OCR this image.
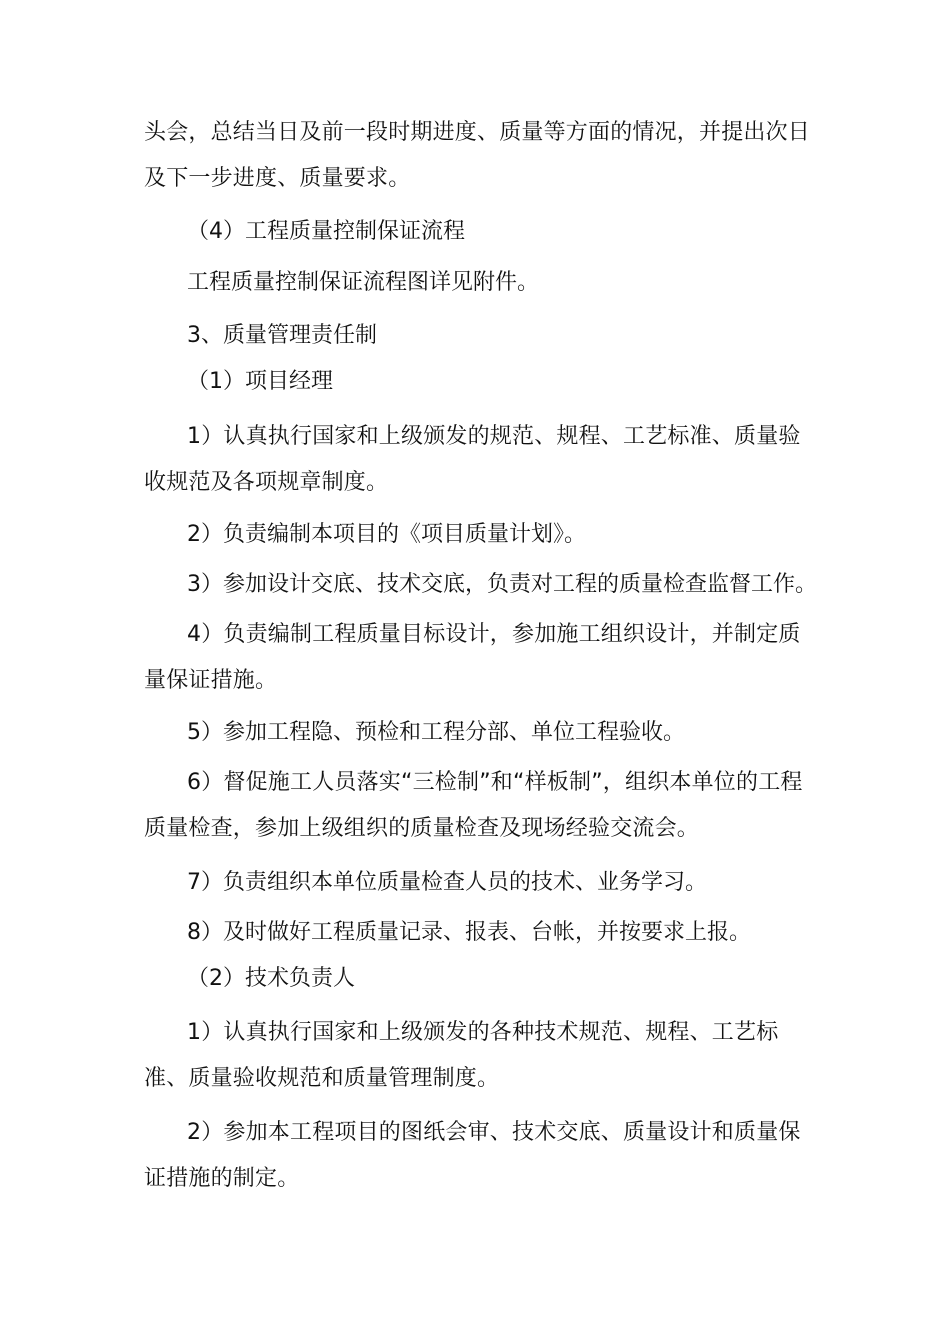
头会，总结当日及前一段时期进度、质量等方面的情况，并提出次日及下一步进度、质量要求。
（4）工程质量控制保证流程
工程质量控制保证流程图详见附件。
3、质量管理责任制
（1）项目经理
1）认真执行国家和上级颁发的规范、规程、工艺标准、质量验收规范及各项规章制度。
2）负责编制本项目的《项目质量计划》。
3）参加设计交底、技术交底，负责对工程的质量检查监督工作。
4）负责编制工程质量目标设计，参加施工组织设计，并制定质量保证措施。
5）参加工程隐、预检和工程分部、单位工程验收。
6）督促施工人员落实“三检制”和“样板制”，组织本单位的工程质量检查，参加上级组织的质量检查及现场经验交流会。
7）负责组织本单位质量检查人员的技术、业务学习。
8）及时做好工程质量记录、报表、台帐，并按要求上报。
（2）技术负责人
1）认真执行国家和上级颁发的各种技术规范、规程、工艺标准、质量验收规范和质量管理制度。
2）参加本工程项目的图纸会审、技术交底、质量设计和质量保证措施的制定。
